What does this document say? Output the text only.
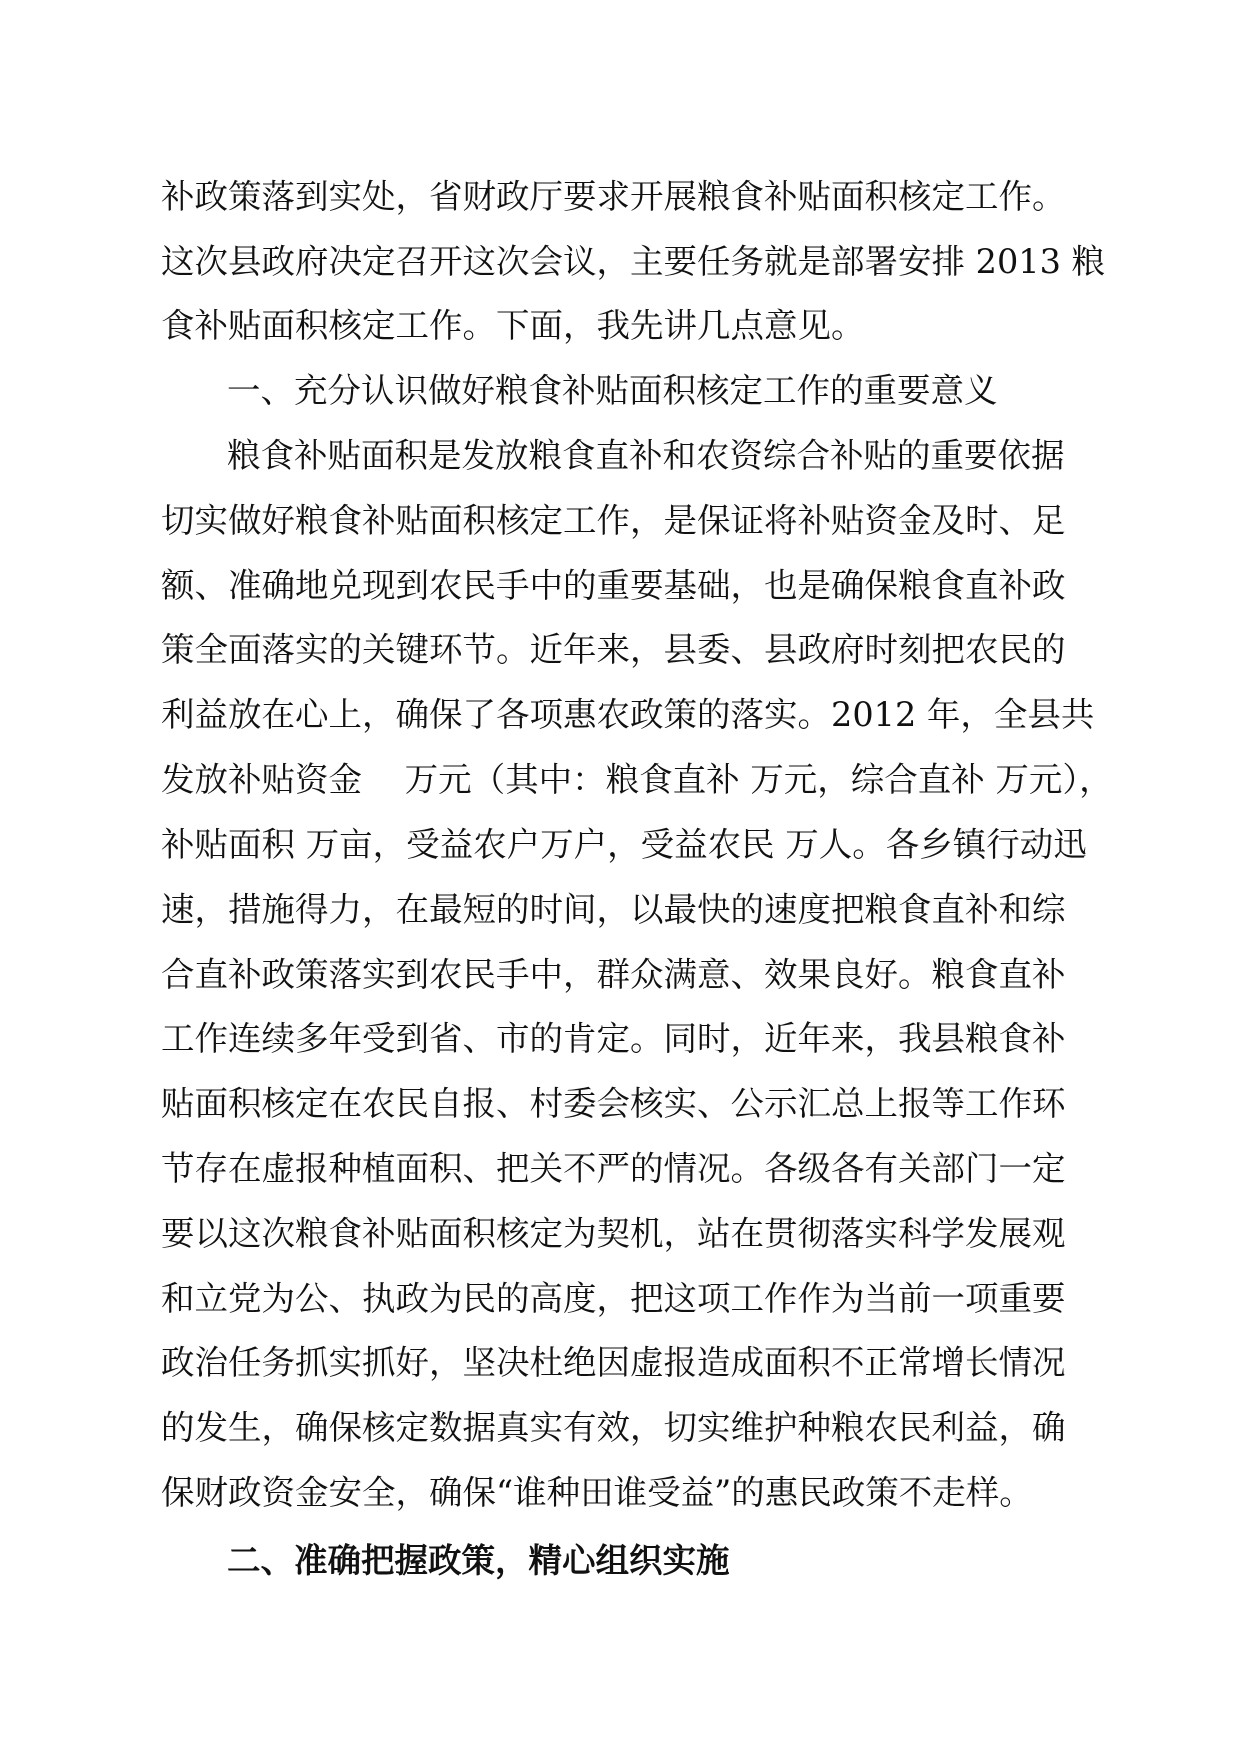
补政策落到实处，省财政厅要求开展粮食补贴面积核定工作。

这次县政府决定召开这次会议，主要任务就是部署安排 2013 粮

食补贴面积核定工作。下面，我先讲几点意见。

一、充分认识做好粮食补贴面积核定工作的重要意义

粮食补贴面积是发放粮食直补和农资综合补贴的重要依据

切实做好粮食补贴面积核定工作，是保证将补贴资金及时、足

额、准确地兑现到农民手中的重要基础，也是确保粮食直补政

策全面落实的关键环节。近年来，县委、县政府时刻把农民的

利益放在心上，确保了各项惠农政策的落实。2012 年，全县共

发放补贴资金    万元（其中：粮食直补 万元，综合直补 万元），

补贴面积 万亩，受益农户万户，受益农民 万人。各乡镇行动迅

速，措施得力，在最短的时间，以最快的速度把粮食直补和综

合直补政策落实到农民手中，群众满意、效果良好。粮食直补

工作连续多年受到省、市的肯定。同时，近年来，我县粮食补

贴面积核定在农民自报、村委会核实、公示汇总上报等工作环

节存在虚报种植面积、把关不严的情况。各级各有关部门一定

要以这次粮食补贴面积核定为契机，站在贯彻落实科学发展观

和立党为公、执政为民的高度，把这项工作作为当前一项重要

政治任务抓实抓好，坚决杜绝因虚报造成面积不正常增长情况

的发生，确保核定数据真实有效，切实维护种粮农民利益，确

保财政资金安全，确保“谁种田谁受益”的惠民政策不走样。

二、准确把握政策，精心组织实施
